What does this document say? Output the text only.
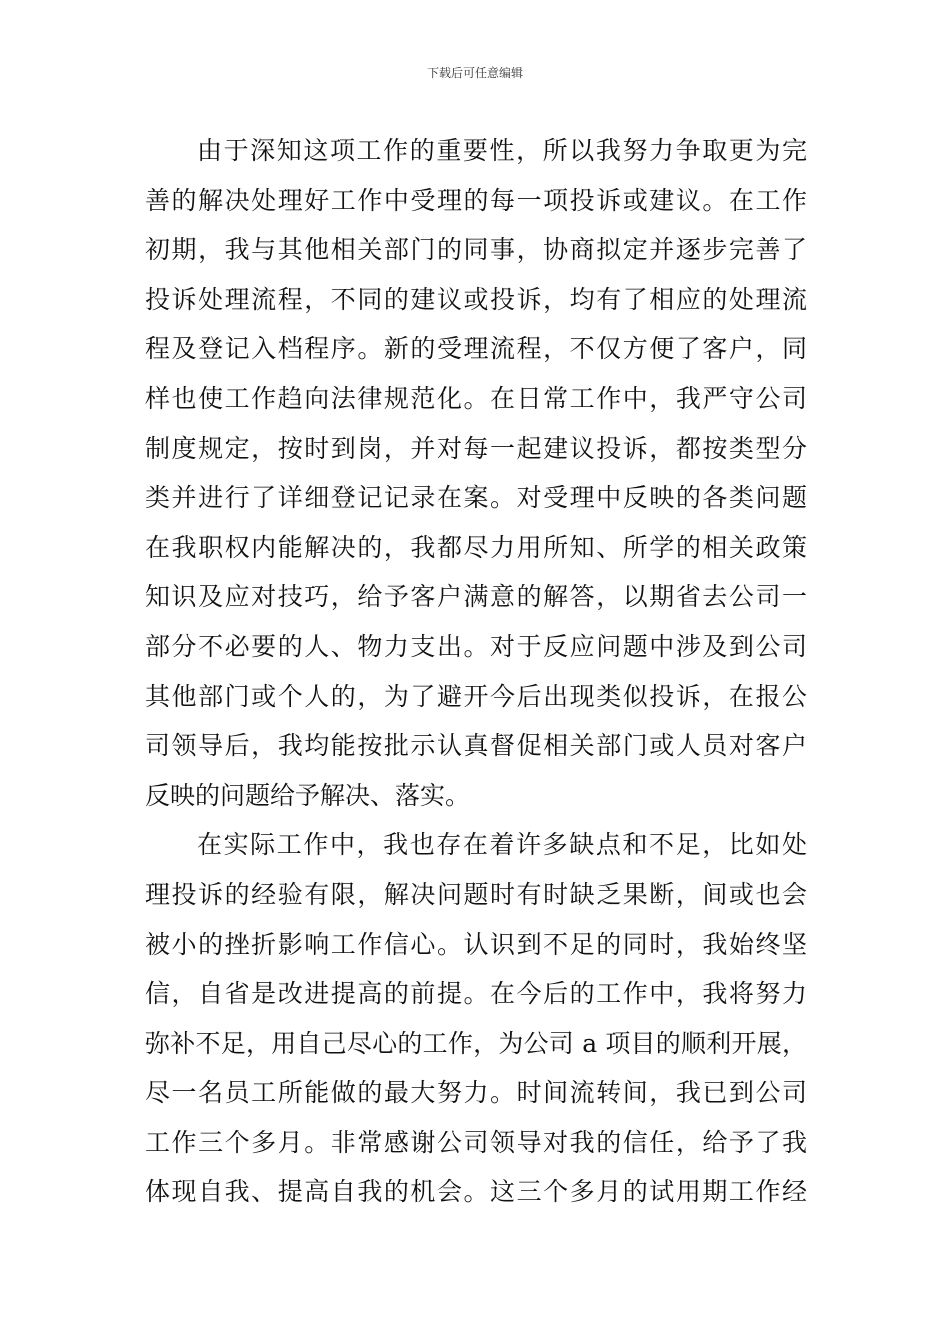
下载后可任意编辑
由于深知这项工作的重要性，所以我努力争取更为完
善的解决处理好工作中受理的每一项投诉或建议。在工作
初期，我与其他相关部门的同事，协商拟定并逐步完善了
投诉处理流程，不同的建议或投诉，均有了相应的处理流
程及登记入档程序。新的受理流程，不仅方便了客户，同
样也使工作趋向法律规范化。在日常工作中，我严守公司
制度规定，按时到岗，并对每一起建议投诉，都按类型分
类并进行了详细登记记录在案。对受理中反映的各类问题
在我职权内能解决的，我都尽力用所知、所学的相关政策
知识及应对技巧，给予客户满意的解答，以期省去公司一
部分不必要的人、物力支出。对于反应问题中涉及到公司
其他部门或个人的，为了避开今后出现类似投诉，在报公
司领导后，我均能按批示认真督促相关部门或人员对客户
反映的问题给予解决、落实。
在实际工作中，我也存在着许多缺点和不足，比如处
理投诉的经验有限，解决问题时有时缺乏果断，间或也会
被小的挫折影响工作信心。认识到不足的同时，我始终坚
信，自省是改进提高的前提。在今后的工作中，我将努力
弥补不足，用自己尽心的工作，为公司 a 项目的顺利开展，
尽一名员工所能做的最大努力。时间流转间，我已到公司
工作三个多月。非常感谢公司领导对我的信任，给予了我
体现自我、提高自我的机会。这三个多月的试用期工作经
